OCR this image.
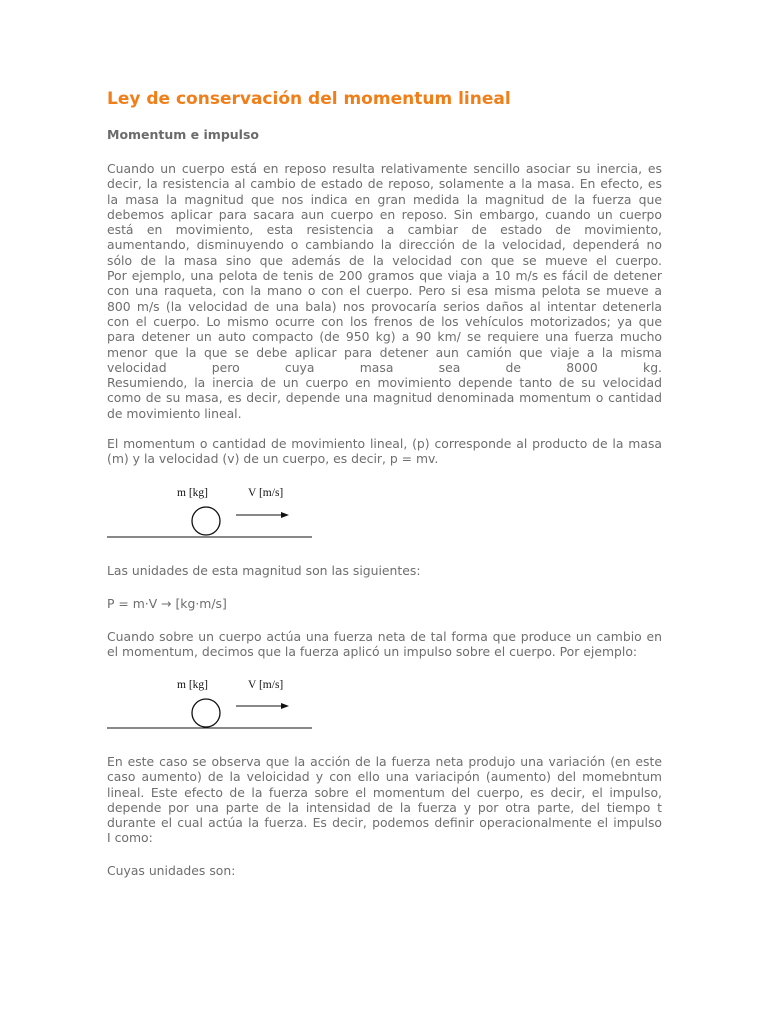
Ley de conservación del momentum lineal
Momentum e impulso
Cuando un cuerpo está en reposo resulta relativamente sencillo asociar su inercia, es
decir, la resistencia al cambio de estado de reposo, solamente a la masa. En efecto, es
la masa la magnitud que nos indica en gran medida la magnitud de la fuerza que
debemos aplicar para sacara aun cuerpo en reposo. Sin embargo, cuando un cuerpo
está en movimiento, esta resistencia a cambiar de estado de movimiento,
aumentando, disminuyendo o cambiando la dirección de la velocidad, dependerá no
sólo de la masa sino que además de la velocidad con que se mueve el cuerpo.
Por ejemplo, una pelota de tenis de 200 gramos que viaja a 10 m/s es fácil de detener
con una raqueta, con la mano o con el cuerpo. Pero si esa misma pelota se mueve a
800 m/s (la velocidad de una bala) nos provocaría serios daños al intentar detenerla
con el cuerpo. Lo mismo ocurre con los frenos de los vehículos motorizados; ya que
para detener un auto compacto (de 950 kg) a 90 km/ se requiere una fuerza mucho
menor que la que se debe aplicar para detener aun camión que viaje a la misma
velocidad pero cuya masa sea de 8000 kg.
Resumiendo, la inercia de un cuerpo en movimiento depende tanto de su velocidad
como de su masa, es decir, depende una magnitud denominada momentum o cantidad
de movimiento lineal.
El momentum o cantidad de movimiento lineal, (p) corresponde al producto de la masa
(m) y la velocidad (v) de un cuerpo, es decir, p = mv.
m [kg]	V [m/s]
Las unidades de esta magnitud son las siguientes:
P = m·V → [kg·m/s]
Cuando sobre un cuerpo actúa una fuerza neta de tal forma que produce un cambio en
el momentum, decimos que la fuerza aplicó un impulso sobre el cuerpo. Por ejemplo:
m [kg]	V [m/s]
En este caso se observa que la acción de la fuerza neta produjo una variación (en este
caso aumento) de la veloicidad y con ello una variacipón (aumento) del momebntum
lineal. Este efecto de la fuerza sobre el momentum del cuerpo, es decir, el impulso,
depende por una parte de la intensidad de la fuerza y por otra parte, del tiempo t
durante el cual actúa la fuerza. Es decir, podemos definir operacionalmente el impulso
I como:
Cuyas unidades son:
